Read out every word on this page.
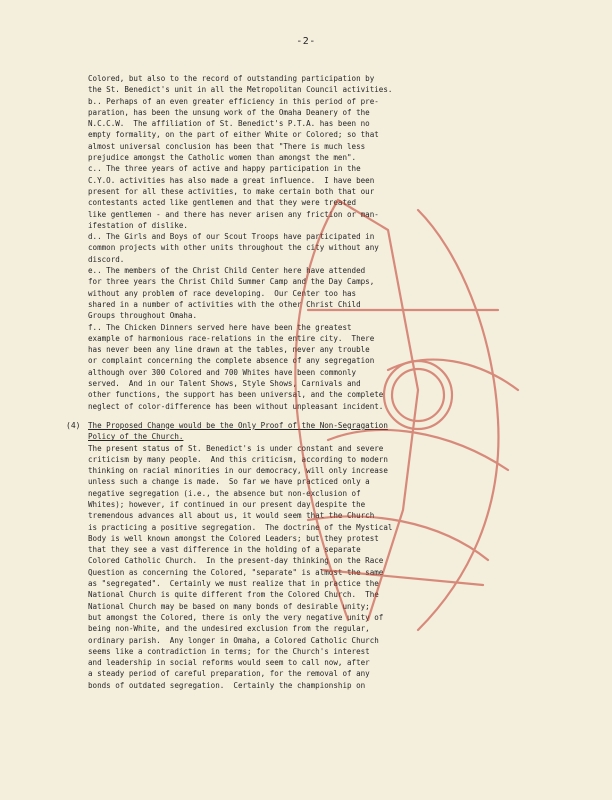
-2-
Colored, but also to the record of outstanding participation by
the St. Benedict's unit in all the Metropolitan Council activities.
b.. Perhaps of an even greater efficiency in this period of pre-
paration, has been the unsung work of the Omaha Deanery of the
N.C.C.W.  The affiliation of St. Benedict's P.T.A. has been no
empty formality, on the part of either White or Colored; so that
almost universal conclusion has been that "There is much less
prejudice amongst the Catholic women than amongst the men".
c.. The three years of active and happy participation in the
C.Y.O. activities has also made a great influence.  I have been
present for all these activities, to make certain both that our
contestants acted like gentlemen and that they were treated
like gentlemen - and there has never arisen any friction or man-
ifestation of dislike.
d.. The Girls and Boys of our Scout Troops have participated in
common projects with other units throughout the city without any
discord.
e.. The members of the Christ Child Center here have attended
for three years the Christ Child Summer Camp and the Day Camps,
without any problem of race developing.  Our Center too has
shared in a number of activities with the other Christ Child
Groups throughout Omaha.
f.. The Chicken Dinners served here have been the greatest
example of harmonious race-relations in the entire city.  There
has never been any line drawn at the tables, never any trouble
or complaint concerning the complete absence of any segregation
although over 300 Colored and 700 Whites have been commonly
served.  And in our Talent Shows, Style Shows, Carnivals and
other functions, the support has been universal, and the complete
neglect of color-difference has been without unpleasant incident.
(4) The Proposed Change would be the Only Proof of the Non-Segragation
Policy of the Church.
The present status of St. Benedict's is under constant and severe
criticism by many people.  And this criticism, according to modern
thinking on racial minorities in our democracy, will only increase
unless such a change is made.  So far we have practiced only a
negative segregation (i.e., the absence but non-exclusion of
Whites); however, if continued in our present day despite the
tremendous advances all about us, it would seem that the Church
is practicing a positive segregation.  The doctrine of the Mystical
Body is well known amongst the Colored Leaders; but they protest
that they see a vast difference in the holding of a separate
Colored Catholic Church.  In the present-day thinking on the Race
Question as concerning the Colored, "separate" is almost the same
as "segregated".  Certainly we must realize that in practice the
National Church is quite different from the Colored Church.  The
National Church may be based on many bonds of desirable unity;
but amongst the Colored, there is only the very negative unity of
being non-White, and the undesired exclusion from the regular,
ordinary parish.  Any longer in Omaha, a Colored Catholic Church
seems like a contradiction in terms; for the Church's interest
and leadership in social reforms would seem to call now, after
a steady period of careful preparation, for the removal of any
bonds of outdated segregation.  Certainly the championship on
